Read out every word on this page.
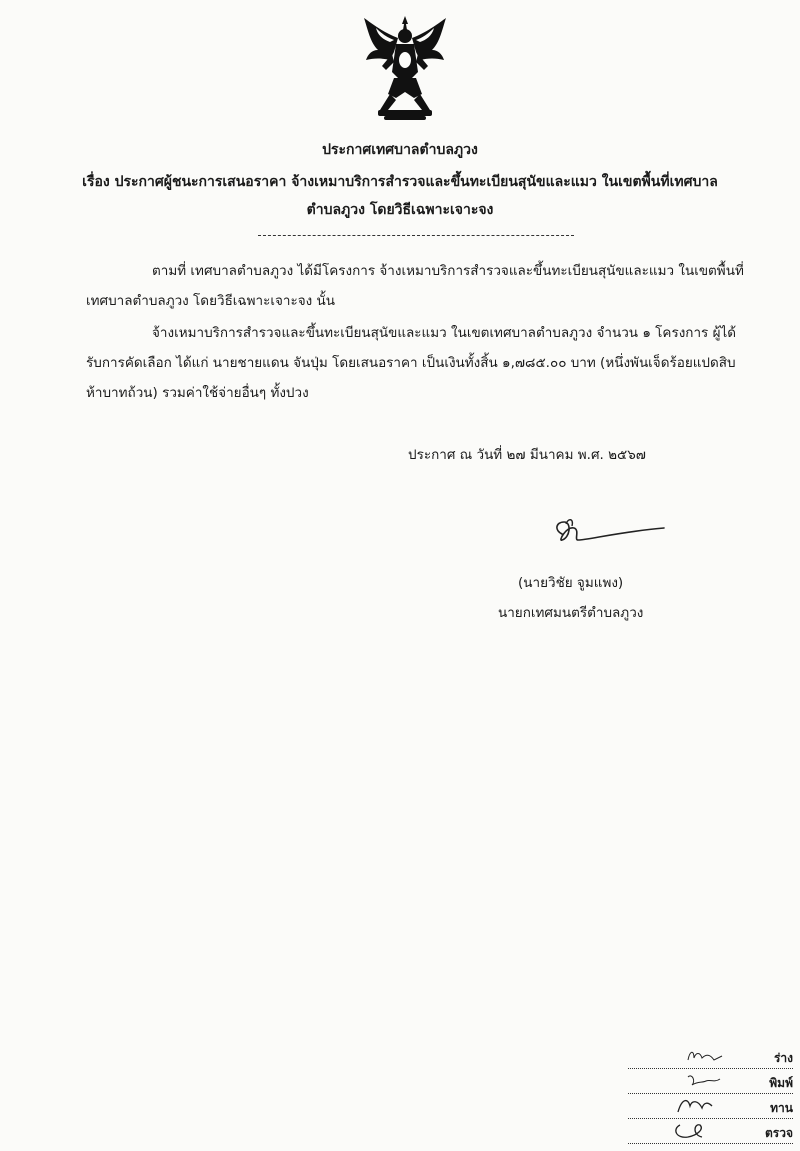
ประกาศเทศบาลตำบลภูวง
เรื่อง ประกาศผู้ชนะการเสนอราคา จ้างเหมาบริการสำรวจและขึ้นทะเบียนสุนัขและแมว ในเขตพื้นที่เทศบาล
ตำบลภูวง โดยวิธีเฉพาะเจาะจง
ตามที่ เทศบาลตำบลภูวง ได้มีโครงการ จ้างเหมาบริการสำรวจและขึ้นทะเบียนสุนัขและแมว ในเขตพื้นที่
เทศบาลตำบลภูวง โดยวิธีเฉพาะเจาะจง นั้น
จ้างเหมาบริการสำรวจและขึ้นทะเบียนสุนัขและแมว ในเขตเทศบาลตำบลภูวง จำนวน ๑ โครงการ ผู้ได้
รับการคัดเลือก ได้แก่ นายชายแดน จันปุ่ม โดยเสนอราคา เป็นเงินทั้งสิ้น ๑,๗๘๕.๐๐ บาท (หนึ่งพันเจ็ดร้อยแปดสิบ
ห้าบาทถ้วน) รวมค่าใช้จ่ายอื่นๆ ทั้งปวง
ประกาศ ณ วันที่ ๒๗ มีนาคม พ.ศ. ๒๕๖๗
(นายวิชัย จูมแพง)
นายกเทศมนตรีตำบลภูวง
ร่าง
พิมพ์
ทาน
ตรวจ
